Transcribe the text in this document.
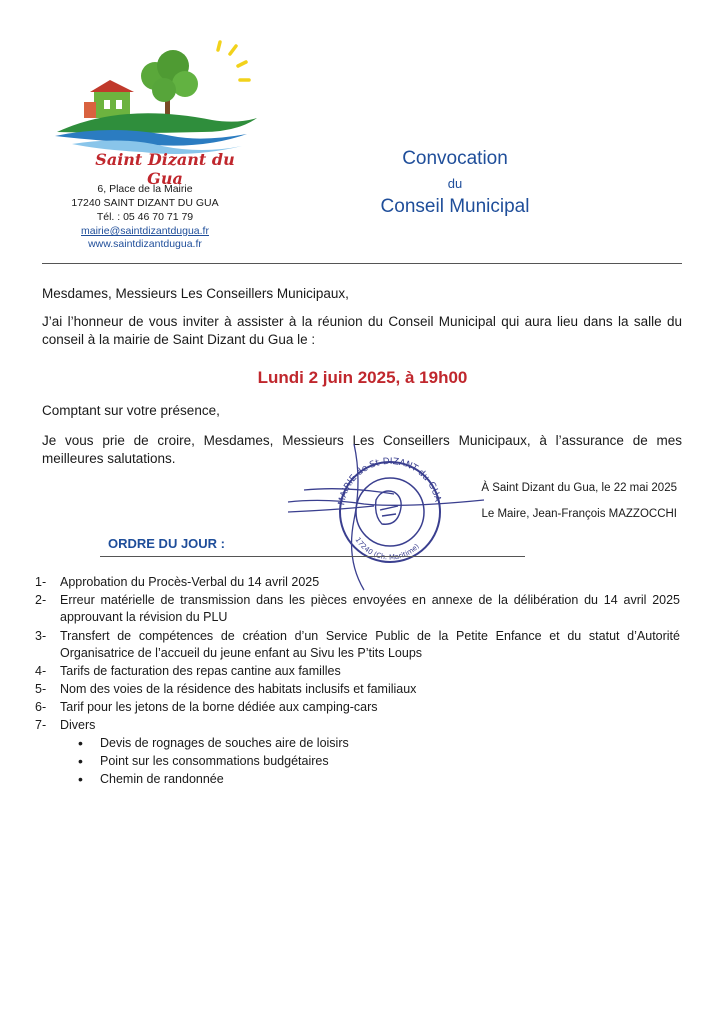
Saint Dizant du Gua
6, Place de la Mairie
17240 SAINT DIZANT DU GUA
Tél. : 05 46 70 71 79
mairie@saintdizantdugua.fr
www.saintdizantdugua.fr
Convocation
du
Conseil Municipal
Mesdames, Messieurs Les Conseillers Municipaux,
J’ai l’honneur de vous inviter à assister à la réunion du Conseil Municipal qui aura lieu dans la salle du conseil à la mairie de Saint Dizant du Gua le :
Lundi 2 juin 2025, à 19h00
Comptant sur votre présence,
Je vous prie de croire, Mesdames, Messieurs Les Conseillers Municipaux, à l’assurance de mes meilleures salutations.
MAIRIE de St-DIZANT-du-GUA
17240 (Ch. Maritime)
À Saint Dizant du Gua, le 22 mai 2025
Le Maire, Jean-François MAZZOCCHI
ORDRE DU JOUR :
1-	Approbation du Procès-Verbal du 14 avril 2025
2-	Erreur matérielle de transmission dans les pièces envoyées en annexe de la délibération du 14 avril 2025 approuvant la révision du PLU
3-	Transfert de compétences de création d’un Service Public de la Petite Enfance et du statut d’Autorité Organisatrice de l’accueil du jeune enfant au Sivu les P’tits Loups
4-	Tarifs de facturation des repas cantine aux familles
5-	Nom des voies de la résidence des habitats inclusifs et familiaux
6-	Tarif pour les jetons de la borne dédiée aux camping-cars
7-	Divers
•	Devis de rognages de souches aire de loisirs
•	Point sur les consommations budgétaires
•	Chemin de randonnée
